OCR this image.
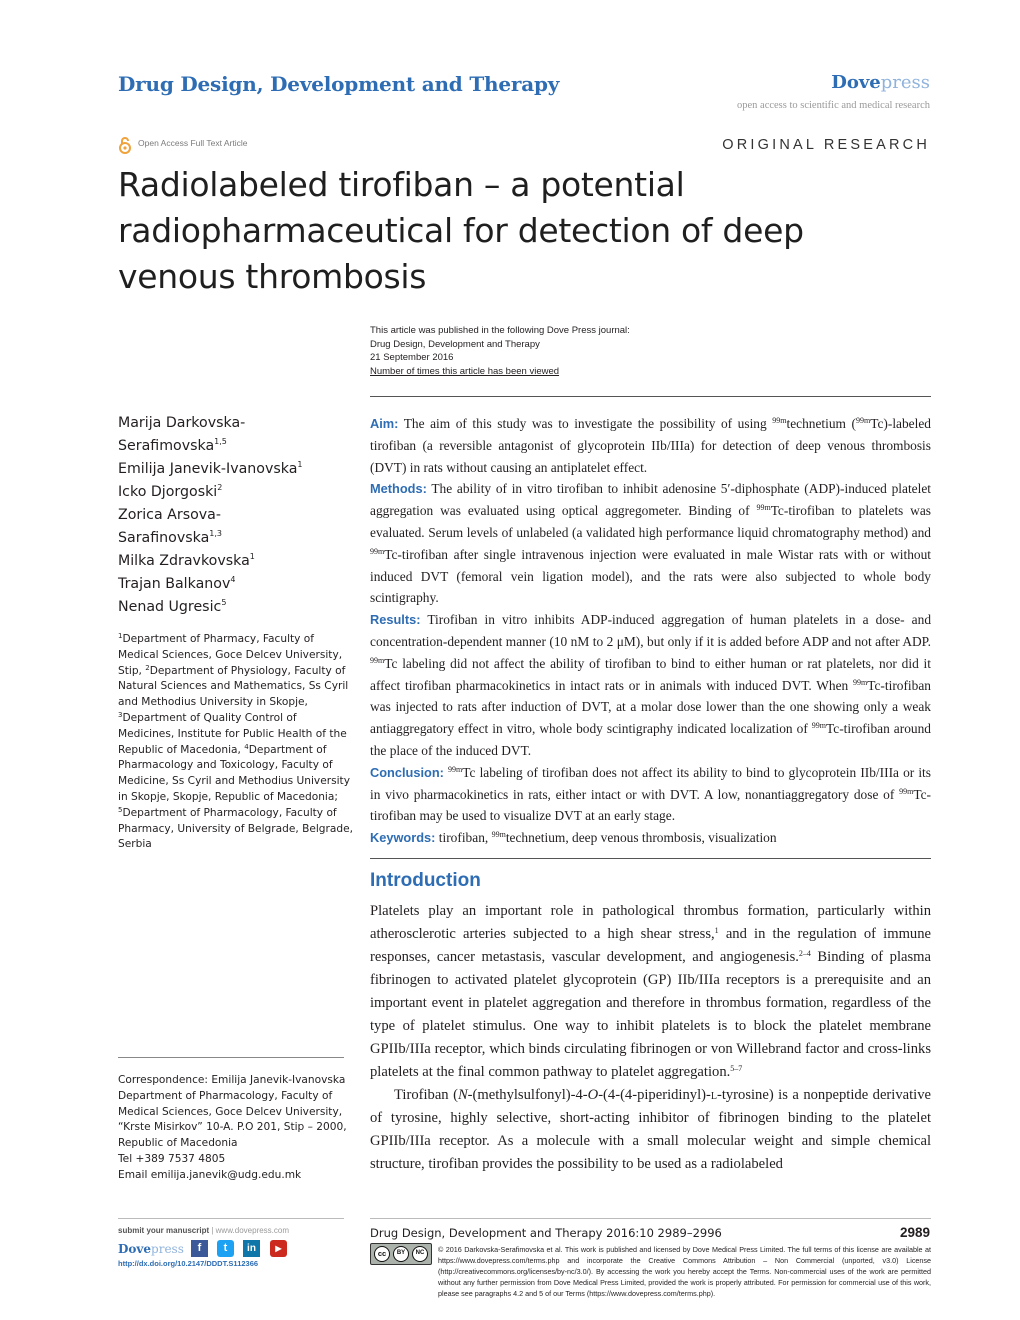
Drug Design, Development and Therapy	Dovepress
open access to scientific and medical research
Open Access Full Text Article	ORIGINAL RESEARCH
Radiolabeled tirofiban – a potential radiopharmaceutical for detection of deep venous thrombosis
This article was published in the following Dove Press journal:
Drug Design, Development and Therapy
21 September 2016
Number of times this article has been viewed
Marija Darkovska-
Serafimovska$^{1,5}$
Emilija Janevik-Ivanovska$^1$
Icko Djorgoski$^2$
Zorica Arsova-
Sarafinovska$^{1,3}$
Milka Zdravkovska$^1$
Trajan Balkanov$^4$
Nenad Ugresic$^5$
$^1$Department of Pharmacy, Faculty of Medical Sciences, Goce Delcev University, Stip, $^2$Department of Physiology, Faculty of Natural Sciences and Mathematics, Ss Cyril and Methodius University in Skopje, $^3$Department of Quality Control of Medicines, Institute for Public Health of the Republic of Macedonia, $^4$Department of Pharmacology and Toxicology, Faculty of Medicine, Ss Cyril and Methodius University in Skopje, Skopje, Republic of Macedonia; $^5$Department of Pharmacology, Faculty of Pharmacy, University of Belgrade, Belgrade, Serbia
Correspondence: Emilija Janevik-Ivanovska
Department of Pharmacology, Faculty of Medical Sciences, Goce Delcev University, “Krste Misirkov” 10-A. P.O 201, Stip – 2000, Republic of Macedonia
Tel +389 7537 4805
Email emilija.janevik@udg.edu.mk

Aim: The aim of this study was to investigate the possibility of using $^{99m}$technetium ($^{99m}$Tc)-labeled tirofiban (a reversible antagonist of glycoprotein IIb/IIIa) for detection of deep venous thrombosis (DVT) in rats without causing an antiplatelet effect.

Methods: The ability of in vitro tirofiban to inhibit adenosine 5′-diphosphate (ADP)-induced platelet aggregation was evaluated using optical aggregometer. Binding of $^{99m}$Tc-tirofiban to platelets was evaluated. Serum levels of unlabeled (a validated high performance liquid chromatography method) and $^{99m}$Tc-tirofiban after single intravenous injection were evaluated in male Wistar rats with or without induced DVT (femoral vein ligation model), and the rats were also subjected to whole body scintigraphy.

Results: Tirofiban in vitro inhibits ADP-induced aggregation of human platelets in a dose- and concentration-dependent manner (10 nM to 2 μM), but only if it is added before ADP and not after ADP. $^{99m}$Tc labeling did not affect the ability of tirofiban to bind to either human or rat platelets, nor did it affect tirofiban pharmacokinetics in intact rats or in animals with induced DVT. When $^{99m}$Tc-tirofiban was injected to rats after induction of DVT, at a molar dose lower than the one showing only a weak antiaggregatory effect in vitro, whole body scintigraphy indicated localization of $^{99m}$Tc-tirofiban around the place of the induced DVT.

Conclusion: $^{99m}$Tc labeling of tirofiban does not affect its ability to bind to glycoprotein IIb/IIIa or its in vivo pharmacokinetics in rats, either intact or with DVT. A low, nonantiaggregatory dose of $^{99m}$Tc-tirofiban may be used to visualize DVT at an early stage.

Keywords: tirofiban, $^{99m}$technetium, deep venous thrombosis, visualization

Introduction

Platelets play an important role in pathological thrombus formation, particularly within atherosclerotic arteries subjected to a high shear stress,$^1$ and in the regulation of immune responses, cancer metastasis, vascular development, and angiogenesis.$^{2-4}$ Binding of plasma fibrinogen to activated platelet glycoprotein (GP) IIb/IIIa receptors is a prerequisite and an important event in platelet aggregation and therefore in thrombus formation, regardless of the type of platelet stimulus. One way to inhibit platelets is to block the platelet membrane GPIIb/IIIa receptor, which binds circulating fibrinogen or von Willebrand factor and cross-links platelets at the final common pathway to platelet aggregation.$^{5-7}$

Tirofiban (N-(methylsulfonyl)-4-O-(4-(4-piperidinyl)-l-tyrosine) is a nonpeptide derivative of tyrosine, highly selective, short-acting inhibitor of fibrinogen binding to the platelet GPIIb/IIIa receptor. As a molecule with a small molecular weight and simple chemical structure, tirofiban provides the possibility to be used as a radiolabeled

submit your manuscript | www.dovepress.com
Dovepress
http://dx.doi.org/10.2147/DDDT.S112366
f	t	in	▶
Drug Design, Development and Therapy 2016:10 2989–2996	2989
cc	BY	NC	© 2016 Darkovska-Serafimovska et al. This work is published and licensed by Dove Medical Press Limited. The full terms of this license are available at https://www.dovepress.com/terms.php and incorporate the Creative Commons Attribution – Non Commercial (unported, v3.0) License (http://creativecommons.org/licenses/by-nc/3.0/). By accessing the work you hereby accept the Terms. Non-commercial uses of the work are permitted without any further permission from Dove Medical Press Limited, provided the work is properly attributed. For permission for commercial use of this work, please see paragraphs 4.2 and 5 of our Terms (https://www.dovepress.com/terms.php).
